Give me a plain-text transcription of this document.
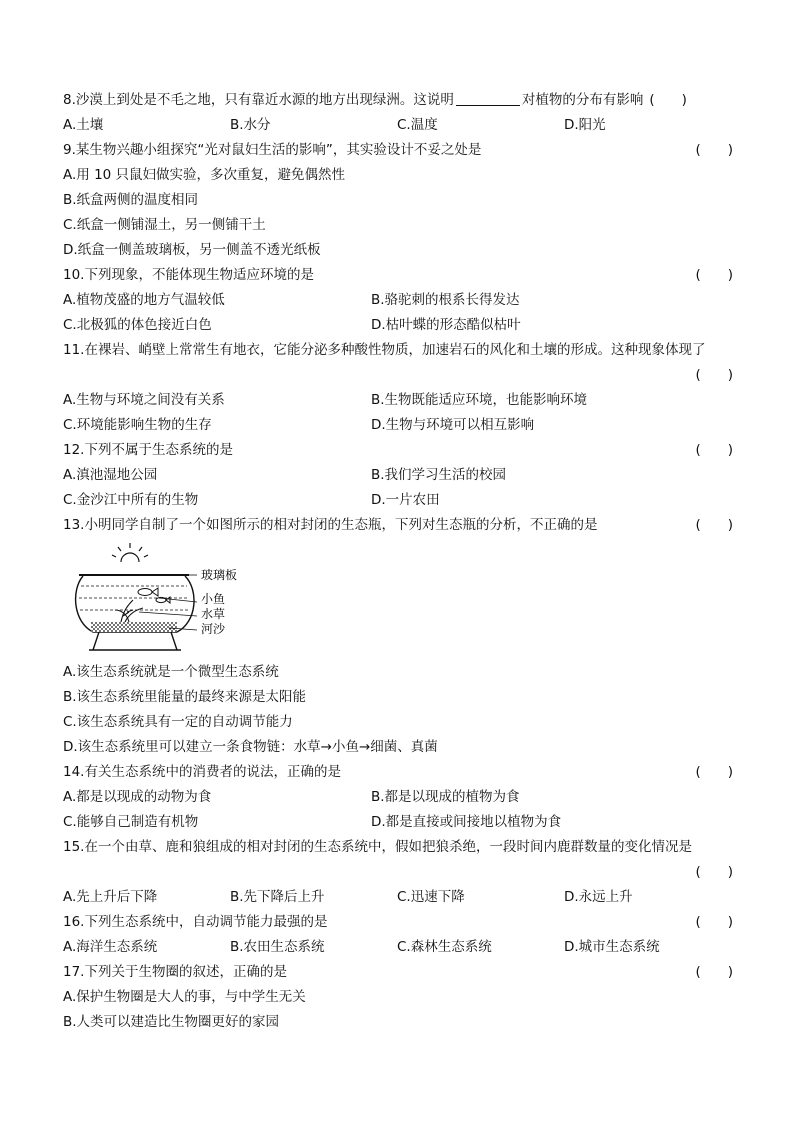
8.沙漠上到处是不毛之地，只有靠近水源的地方出现绿洲。这说明	对植物的分布有影响 (　　)
A.土壤	B.水分	C.温度	D.阳光
9.某生物兴趣小组探究“光对鼠妇生活的影响”，其实验设计不妥之处是	(　　)
A.用 10 只鼠妇做实验，多次重复，避免偶然性
B.纸盒两侧的温度相同
C.纸盒一侧铺湿土，另一侧铺干土
D.纸盒一侧盖玻璃板，另一侧盖不透光纸板
10.下列现象，不能体现生物适应环境的是	(　　)
A.植物茂盛的地方气温较低	B.骆驼刺的根系长得发达
C.北极狐的体色接近白色	D.枯叶蝶的形态酷似枯叶
11.在裸岩、峭壁上常常生有地衣，它能分泌多种酸性物质，加速岩石的风化和土壤的形成。这种现象体现了
(　　)
A.生物与环境之间没有关系	B.生物既能适应环境，也能影响环境
C.环境能影响生物的生存	D.生物与环境可以相互影响
12.下列不属于生态系统的是	(　　)
A.滇池湿地公园	B.我们学习生活的校园
C.金沙江中所有的生物	D.一片农田
13.小明同学自制了一个如图所示的相对封闭的生态瓶，下列对生态瓶的分析，不正确的是	(　　)
玻璃板
小鱼
水草
河沙
A.该生态系统就是一个微型生态系统
B.该生态系统里能量的最终来源是太阳能
C.该生态系统具有一定的自动调节能力
D.该生态系统里可以建立一条食物链：水草→小鱼→细菌、真菌
14.有关生态系统中的消费者的说法，正确的是	(　　)
A.都是以现成的动物为食	B.都是以现成的植物为食
C.能够自己制造有机物	D.都是直接或间接地以植物为食
15.在一个由草、鹿和狼组成的相对封闭的生态系统中，假如把狼杀绝，一段时间内鹿群数量的变化情况是
(　　)
A.先上升后下降	B.先下降后上升	C.迅速下降	D.永远上升
16.下列生态系统中，自动调节能力最强的是	(　　)
A.海洋生态系统	B.农田生态系统	C.森林生态系统	D.城市生态系统
17.下列关于生物圈的叙述，正确的是	(　　)
A.保护生物圈是大人的事，与中学生无关
B.人类可以建造比生物圈更好的家园
